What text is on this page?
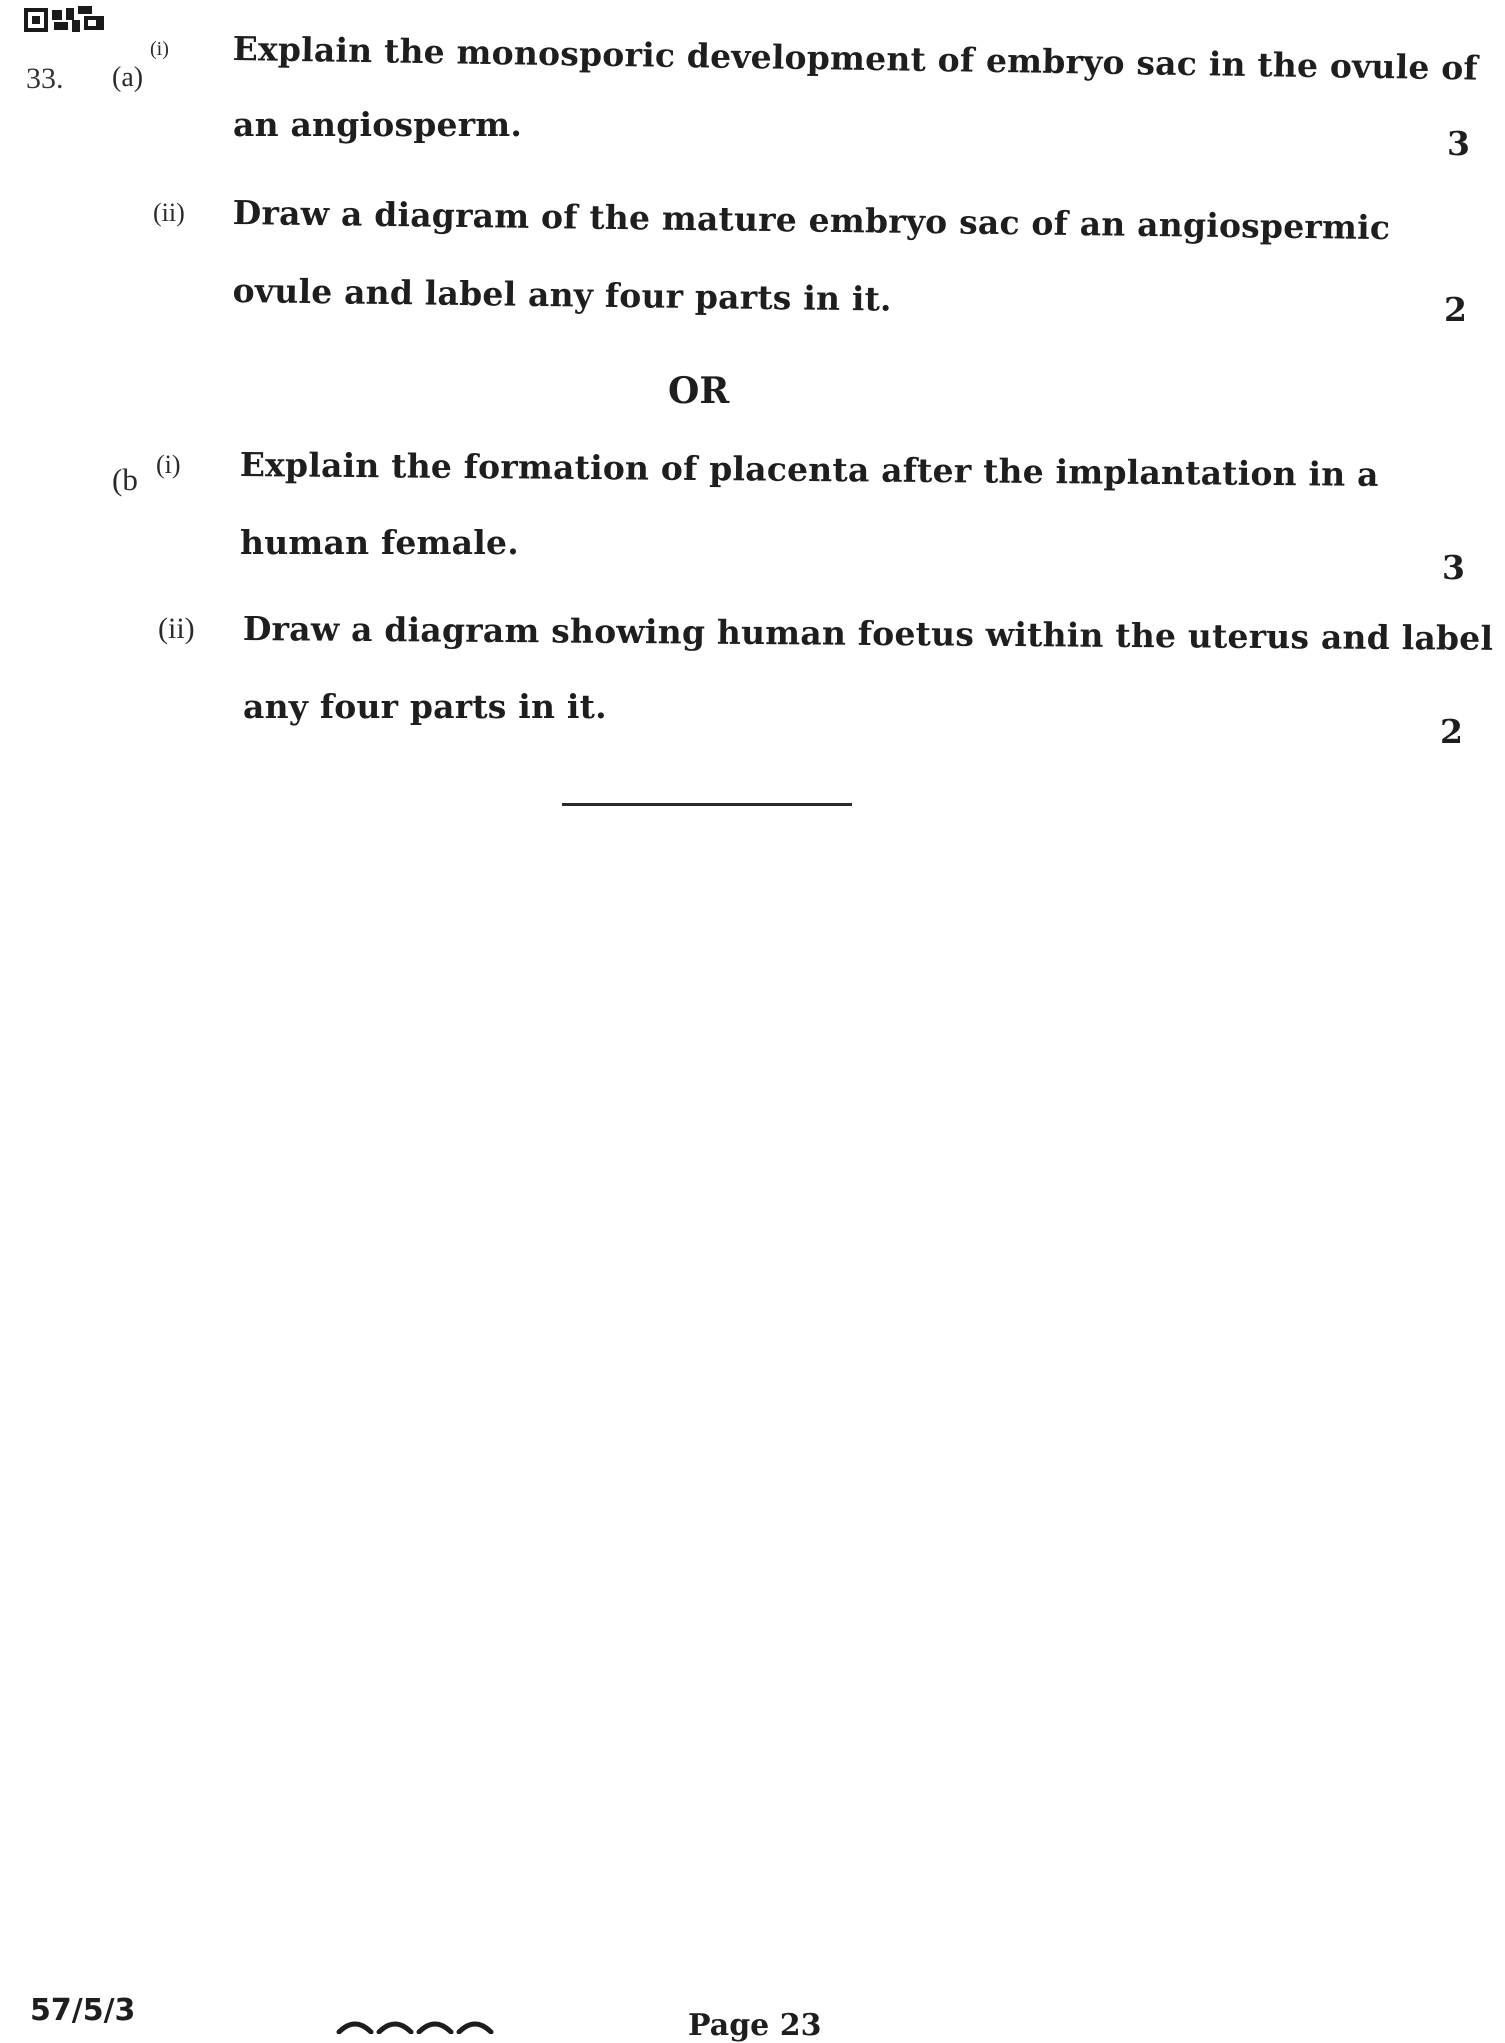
33. (a)
(i) Explain the monosporic development of embryo sac in the ovule of
an angiosperm.	3
(ii) Draw a diagram of the mature embryo sac of an angiospermic
ovule and label any four parts in it.	2
OR
(b (i) Explain the formation of placenta after the implantation in a
human female.
3
(ii) Draw a diagram showing human foetus within the uterus and label
any four parts in it.
2
57/5/3	Page 23
